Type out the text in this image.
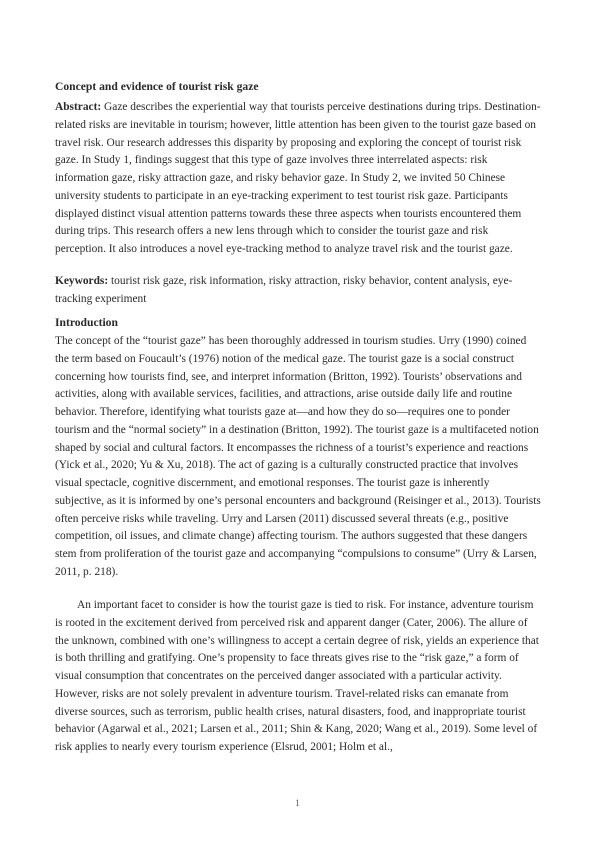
Concept and evidence of tourist risk gaze

Abstract: Gaze describes the experiential way that tourists perceive destinations during trips. Destination-related risks are inevitable in tourism; however, little attention has been given to the tourist gaze based on travel risk. Our research addresses this disparity by proposing and exploring the concept of tourist risk gaze. In Study 1, findings suggest that this type of gaze involves three interrelated aspects: risk information gaze, risky attraction gaze, and risky behavior gaze. In Study 2, we invited 50 Chinese university students to participate in an eye-tracking experiment to test tourist risk gaze. Participants displayed distinct visual attention patterns towards these three aspects when tourists encountered them during trips. This research offers a new lens through which to consider the tourist gaze and risk perception. It also introduces a novel eye-tracking method to analyze travel risk and the tourist gaze.

Keywords: tourist risk gaze, risk information, risky attraction, risky behavior, content analysis, eye-tracking experiment

Introduction

The concept of the “tourist gaze” has been thoroughly addressed in tourism studies. Urry (1990) coined the term based on Foucault’s (1976) notion of the medical gaze. The tourist gaze is a social construct concerning how tourists find, see, and interpret information (Britton, 1992). Tourists’ observations and activities, along with available services, facilities, and attractions, arise outside daily life and routine behavior. Therefore, identifying what tourists gaze at—and how they do so—requires one to ponder tourism and the “normal society” in a destination (Britton, 1992). The tourist gaze is a multifaceted notion shaped by social and cultural factors. It encompasses the richness of a tourist’s experience and reactions (Yick et al., 2020; Yu & Xu, 2018). The act of gazing is a culturally constructed practice that involves visual spectacle, cognitive discernment, and emotional responses. The tourist gaze is inherently subjective, as it is informed by one’s personal encounters and background (Reisinger et al., 2013). Tourists often perceive risks while traveling. Urry and Larsen (2011) discussed several threats (e.g., positive competition, oil issues, and climate change) affecting tourism. The authors suggested that these dangers stem from proliferation of the tourist gaze and accompanying “compulsions to consume” (Urry & Larsen, 2011, p. 218).

An important facet to consider is how the tourist gaze is tied to risk. For instance, adventure tourism is rooted in the excitement derived from perceived risk and apparent danger (Cater, 2006). The allure of the unknown, combined with one’s willingness to accept a certain degree of risk, yields an experience that is both thrilling and gratifying. One’s propensity to face threats gives rise to the “risk gaze,” a form of visual consumption that concentrates on the perceived danger associated with a particular activity. However, risks are not solely prevalent in adventure tourism. Travel-related risks can emanate from diverse sources, such as terrorism, public health crises, natural disasters, food, and inappropriate tourist behavior (Agarwal et al., 2021; Larsen et al., 2011; Shin & Kang, 2020; Wang et al., 2019). Some level of risk applies to nearly every tourism experience (Elsrud, 2001; Holm et al.,

1
